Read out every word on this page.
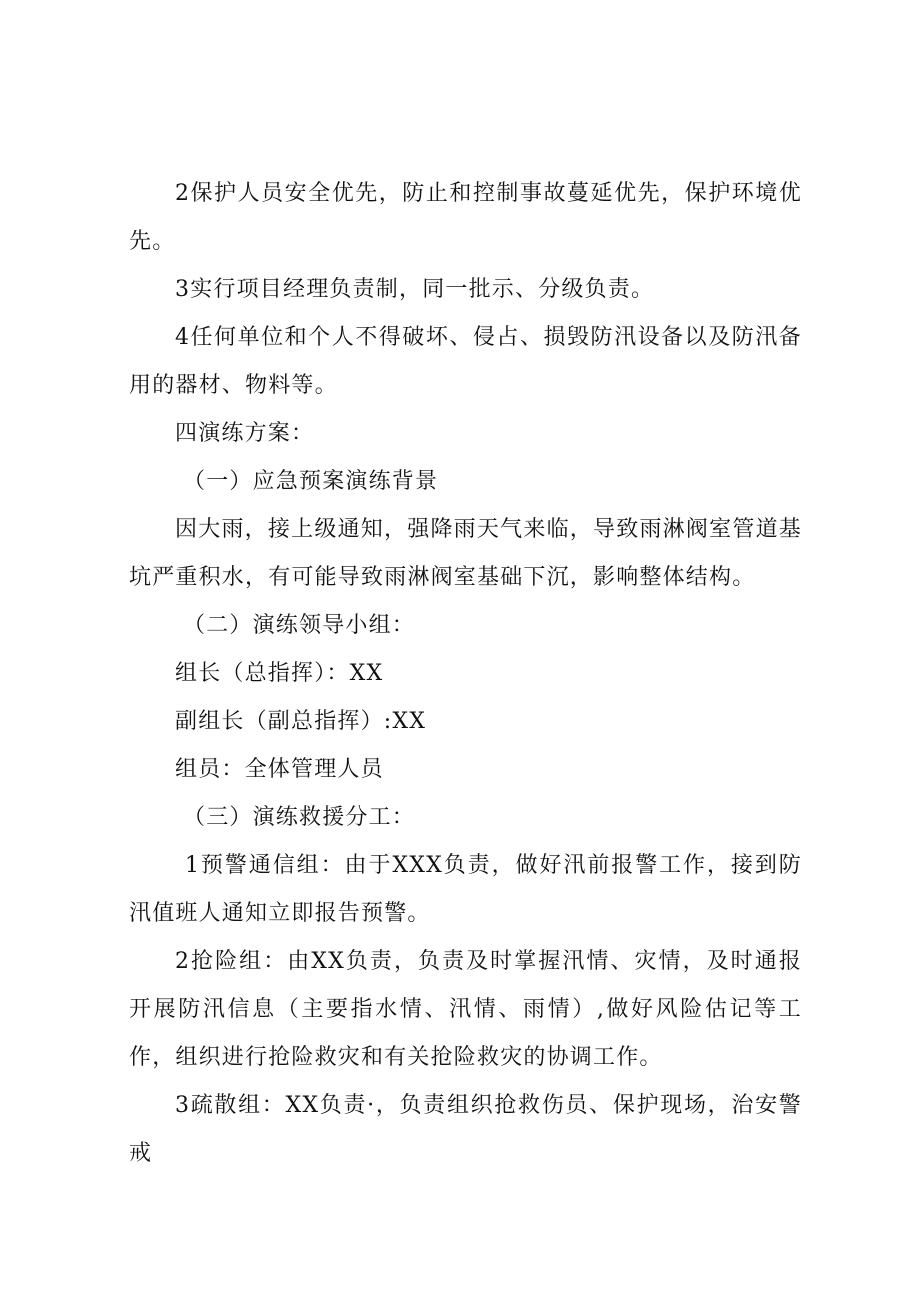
2保护人员安全优先，防止和控制事故蔓延优先，保护环境优先。

3实行项目经理负责制，同一批示、分级负责。

4任何单位和个人不得破坏、侵占、损毁防汛设备以及防汛备用的器材、物料等。

四演练方案：

（一）应急预案演练背景

因大雨，接上级通知，强降雨天气来临，导致雨淋阀室管道基坑严重积水，有可能导致雨淋阀室基础下沉，影响整体结构。

（二）演练领导小组：

组长（总指挥）：XX

副组长（副总指挥）:XX

组员：全体管理人员

（三）演练救援分工：

1预警通信组：由于XXX负责，做好汛前报警工作，接到防汛值班人通知立即报告预警。

2抢险组：由XX负责，负责及时掌握汛情、灾情，及时通报开展防汛信息（主要指水情、汛情、雨情）,做好风险估记等工作，组织进行抢险救灾和有关抢险救灾的协调工作。

3疏散组：XX负责·，负责组织抢救伤员、保护现场，治安警戒
